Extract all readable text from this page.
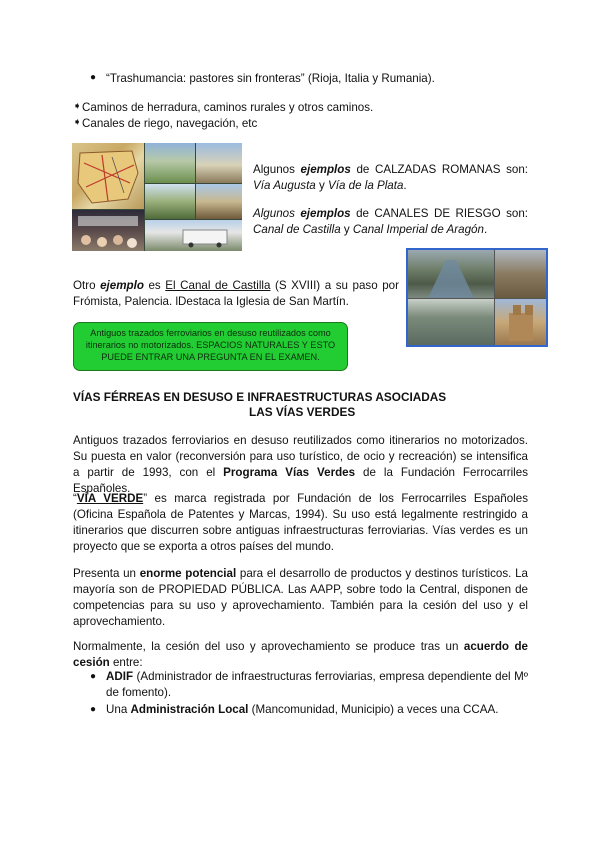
● “Trashumancia: pastores sin fronteras” (Rioja, Italia y Rumania).
➧ Caminos de herradura, caminos rurales y otros caminos.
➧ Canales de riego, navegación, etc
Algunos ejemplos de CALZADAS ROMANAS son: Vía Augusta y Vía de la Plata.
Algunos ejemplos de CANALES DE RIESGO son: Canal de Castilla y Canal Imperial de Aragón.
Otro ejemplo es El Canal de Castilla (S XVIII) a su paso por Frómista, Palencia. lDestaca la Iglesia de San Martín.
Antiguos trazados ferroviarios en desuso reutilizados como itinerarios no motorizados. ESPACIOS NATURALES Y ESTO PUEDE ENTRAR UNA PREGUNTA EN EL EXAMEN.
VÍAS FÉRREAS EN DESUSO E INFRAESTRUCTURAS ASOCIADAS
LAS VÍAS VERDES
Antiguos trazados ferroviarios en desuso reutilizados como itinerarios no motorizados. Su puesta en valor (reconversión para uso turístico, de ocio y recreación) se intensifica a partir de 1993, con el Programa Vías Verdes de la Fundación Ferrocarriles Españoles.
“VÍA VERDE” es marca registrada por Fundación de los Ferrocarriles Españoles (Oficina Española de Patentes y Marcas, 1994). Su uso está legalmente restringido a itinerarios que discurren sobre antiguas infraestructuras ferroviarias. Vías verdes es un proyecto que se exporta a otros países del mundo.
Presenta un enorme potencial para el desarrollo de productos y destinos turísticos. La mayoría son de PROPIEDAD PÚBLICA. Las AAPP, sobre todo la Central, disponen de competencias para su uso y aprovechamiento. También para la cesión del uso y el aprovechamiento.
Normalmente, la cesión del uso y aprovechamiento se produce tras un acuerdo de cesión entre:
● ADIF (Administrador de infraestructuras ferroviarias, empresa dependiente del Mº de fomento).
● Una Administración Local (Mancomunidad, Municipio) a veces una CCAA.
